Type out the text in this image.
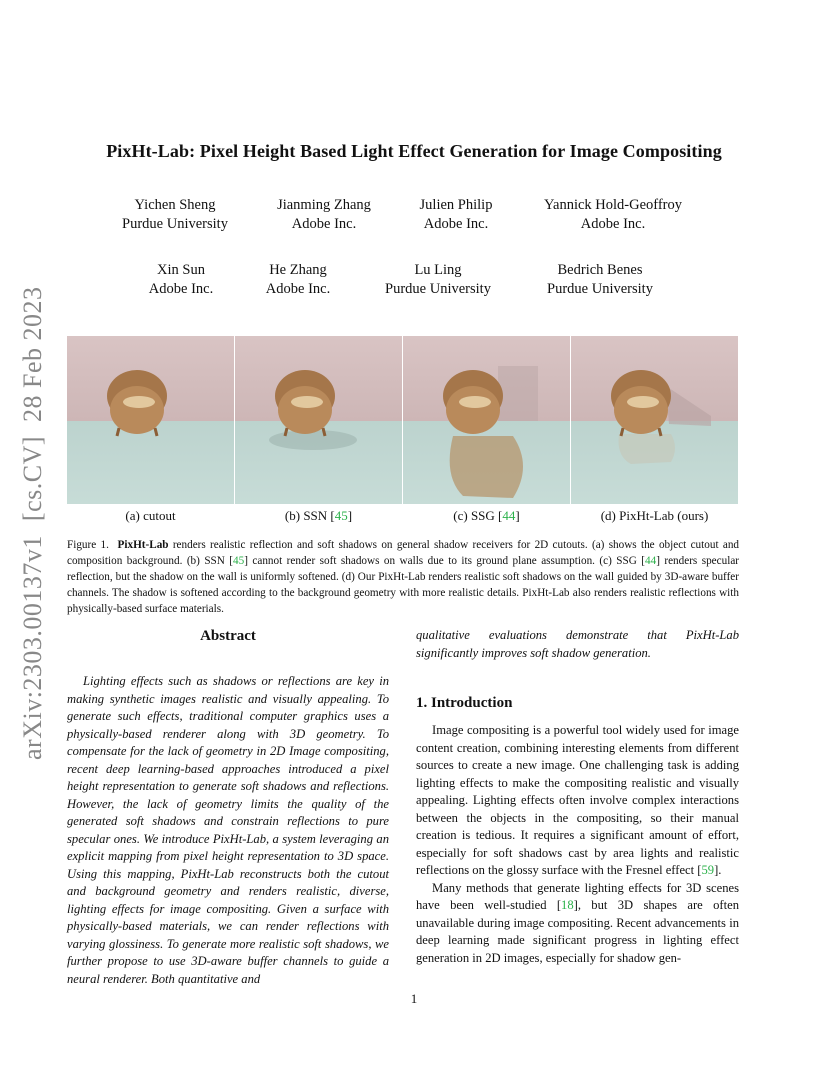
PixHt-Lab: Pixel Height Based Light Effect Generation for Image Compositing
Yichen Sheng
Purdue University
Jianming Zhang
Adobe Inc.
Julien Philip
Adobe Inc.
Yannick Hold-Geoffroy
Adobe Inc.
Xin Sun
Adobe Inc.
He Zhang
Adobe Inc.
Lu Ling
Purdue University
Bedrich Benes
Purdue University
arXiv:2303.00137v1  [cs.CV]  28 Feb 2023	(a) cutout	(b) SSN [45]	(c) SSG [44]	(d) PixHt-Lab (ours)
Figure 1. PixHt-Lab renders realistic reflection and soft shadows on general shadow receivers for 2D cutouts. (a) shows the object cutout and composition background. (b) SSN [45] cannot render soft shadows on walls due to its ground plane assumption. (c) SSG [44] renders specular reflection, but the shadow on the wall is uniformly softened. (d) Our PixHt-Lab renders realistic soft shadows on the wall guided by 3D-aware buffer channels. The shadow is softened according to the background geometry with more realistic details. PixHt-Lab also renders realistic reflections with physically-based surface materials.
Abstract
Lighting effects such as shadows or reflections are key in making synthetic images realistic and visually appealing. To generate such effects, traditional computer graphics uses a physically-based renderer along with 3D geometry. To compensate for the lack of geometry in 2D Image compositing, recent deep learning-based approaches introduced a pixel height representation to generate soft shadows and reflections. However, the lack of geometry limits the quality of the generated soft shadows and constrain reflections to pure specular ones. We introduce PixHt-Lab, a system leveraging an explicit mapping from pixel height representation to 3D space. Using this mapping, PixHt-Lab reconstructs both the cutout and background geometry and renders realistic, diverse, lighting effects for image compositing. Given a surface with physically-based materials, we can render reflections with varying glossiness. To generate more realistic soft shadows, we further propose to use 3D-aware buffer channels to guide a neural renderer. Both quantitative and
qualitative evaluations demonstrate that PixHt-Lab significantly improves soft shadow generation.
1. Introduction

Image compositing is a powerful tool widely used for image content creation, combining interesting elements from different sources to create a new image. One challenging task is adding lighting effects to make the compositing realistic and visually appealing. Lighting effects often involve complex interactions between the objects in the compositing, so their manual creation is tedious. It requires a significant amount of effort, especially for soft shadows cast by area lights and realistic reflections on the glossy surface with the Fresnel effect [59].

Many methods that generate lighting effects for 3D scenes have been well-studied [18], but 3D shapes are often unavailable during image compositing. Recent advancements in deep learning made significant progress in lighting effect generation in 2D images, especially for shadow gen-

1
